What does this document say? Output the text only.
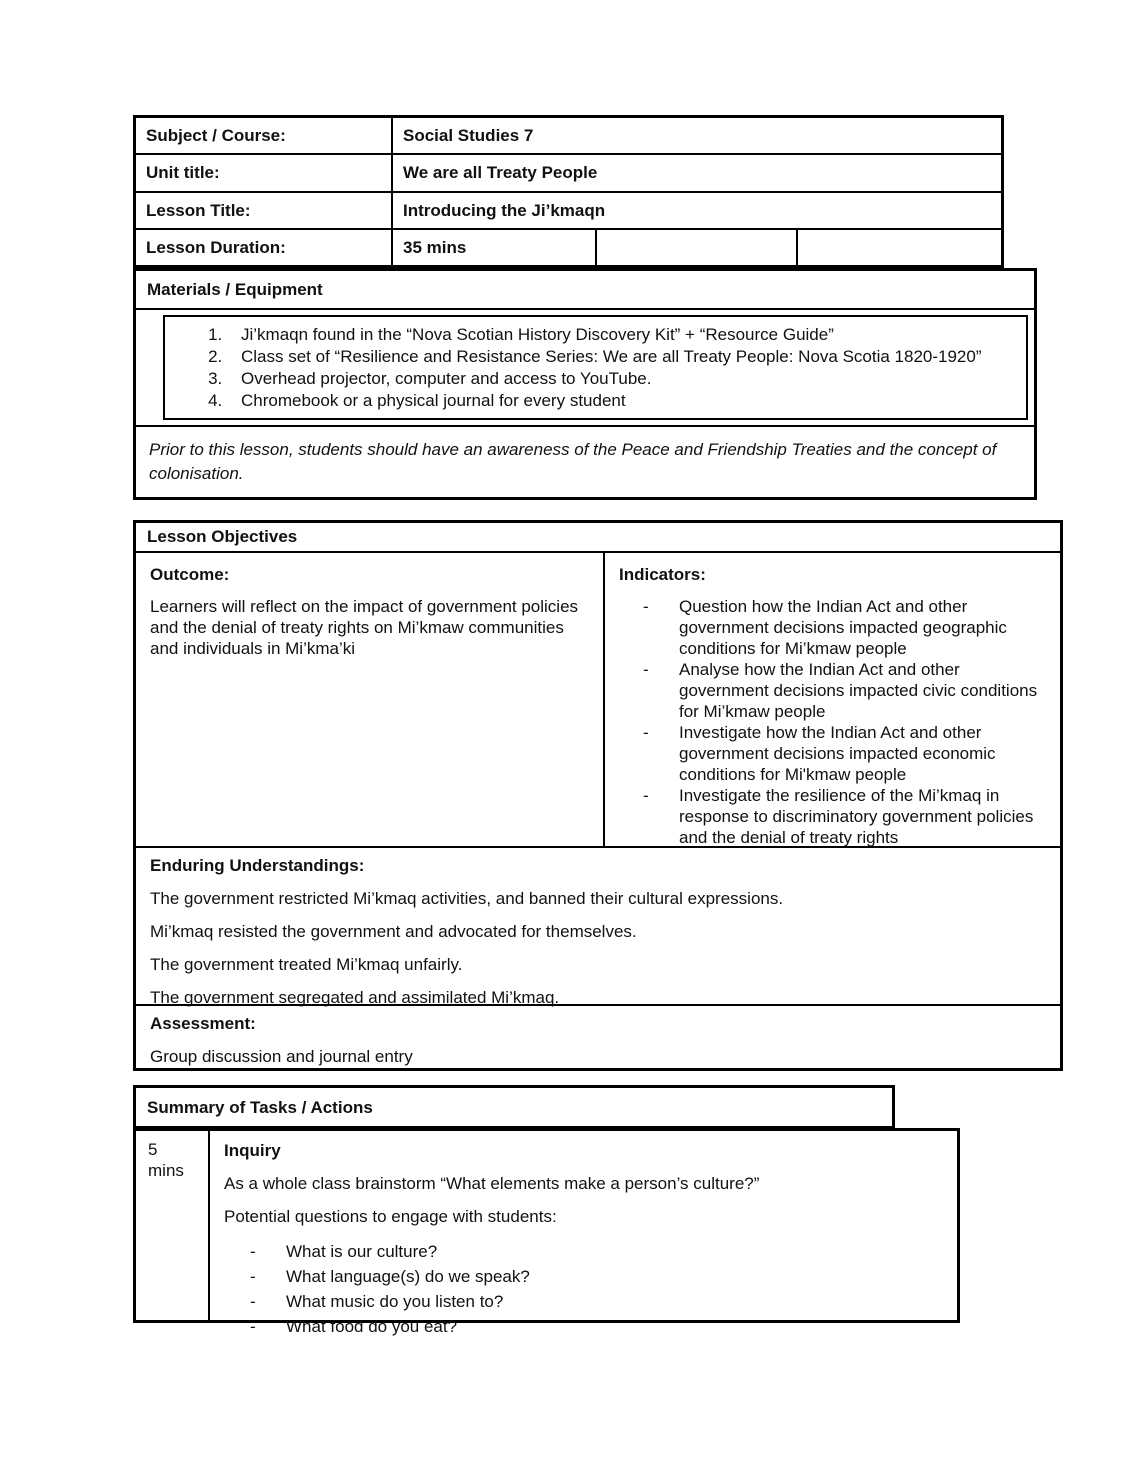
Subject / Course:	Social Studies 7
Unit title:	We are all Treaty People
Lesson Title:	Introducing the Ji’kmaqn
Lesson Duration:	35 mins
Materials / Equipment
1. Ji’kmaqn found in the “Nova Scotian History Discovery Kit” + “Resource Guide”
2. Class set of “Resilience and Resistance Series: We are all Treaty People: Nova Scotia 1820-1920”
3. Overhead projector, computer and access to YouTube.
4. Chromebook or a physical journal for every student
Prior to this lesson, students should have an awareness of the Peace and Friendship Treaties and the concept of colonisation.
Lesson Objectives

Outcome:

Learners will reflect on the impact of government policies and the denial of treaty rights on Mi’kmaw communities and individuals in Mi’kma’ki

Indicators:

-	Question how the Indian Act and other government decisions impacted geographic conditions for Mi’kmaw people
-	Analyse how the Indian Act and other government decisions impacted civic conditions for Mi’kmaw people
-	Investigate how the Indian Act and other government decisions impacted economic conditions for Mi'kmaw people
-	Investigate the resilience of the Mi’kmaq in response to discriminatory government policies and the denial of treaty rights

Enduring Understandings:

The government restricted Mi’kmaq activities, and banned their cultural expressions.

Mi’kmaq resisted the government and advocated for themselves.

The government treated Mi’kmaq unfairly.

The government segregated and assimilated Mi’kmaq.

Assessment:

Group discussion and journal entry

Summary of Tasks / Actions
5 mins

Inquiry

As a whole class brainstorm “What elements make a person’s culture?”

Potential questions to engage with students:

-	What is our culture?
-	What language(s) do we speak?
-	What music do you listen to?
-	What food do you eat?
